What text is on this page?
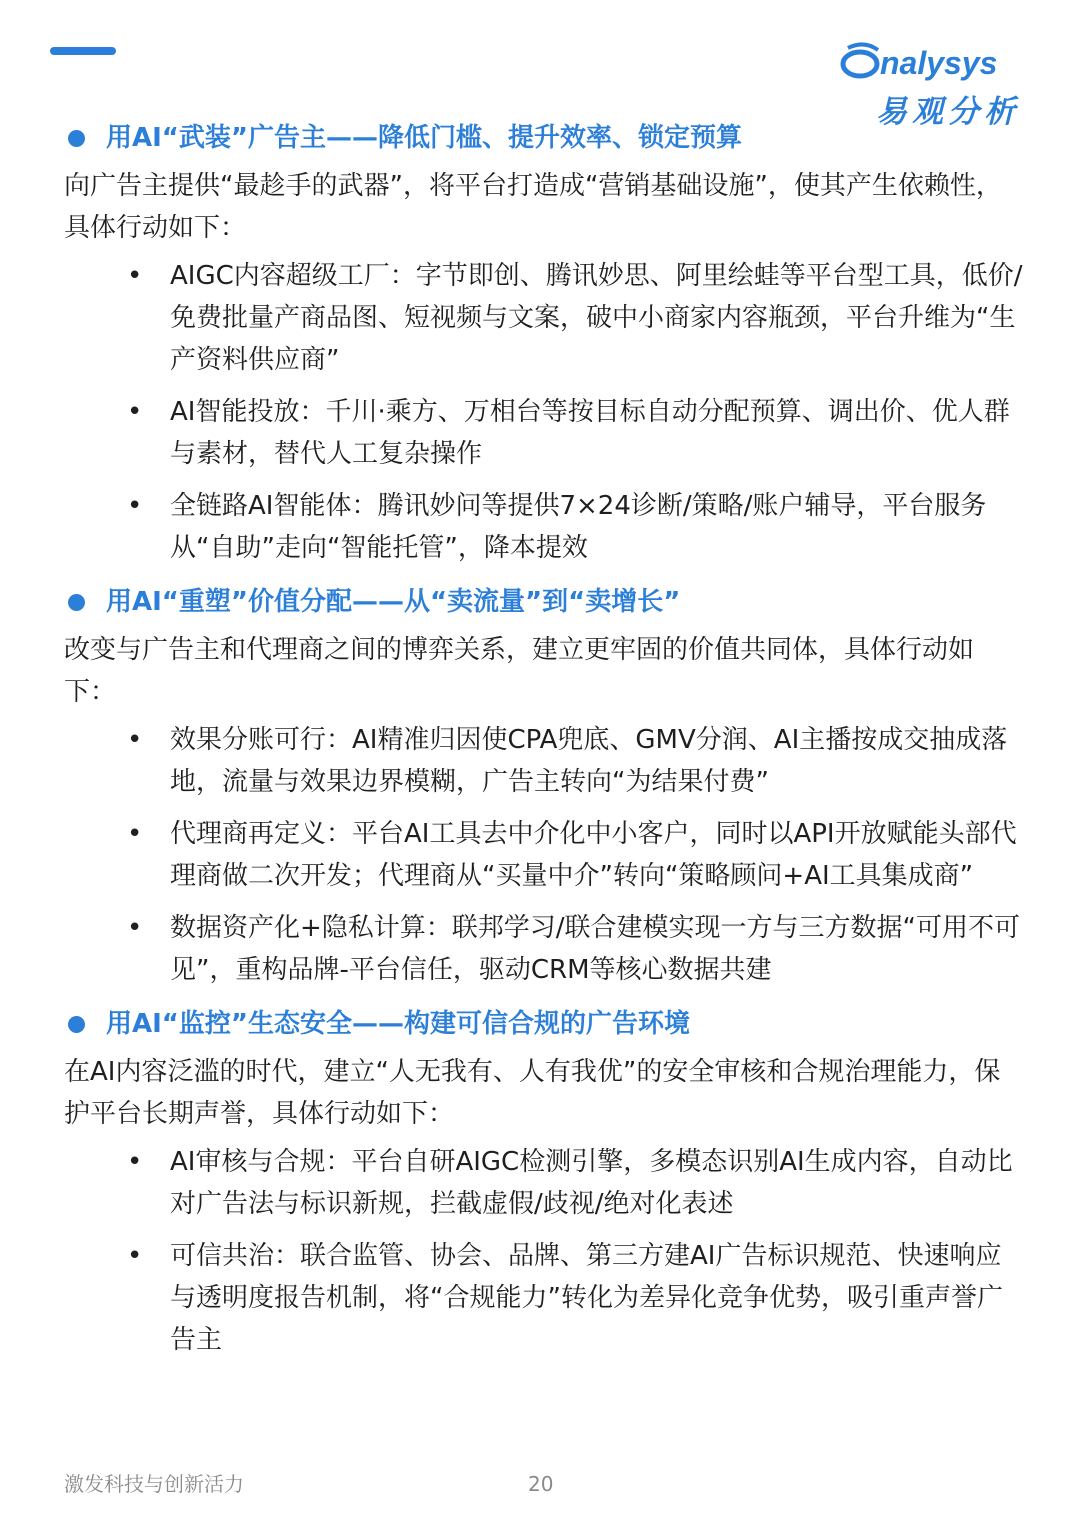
nalysys
易观分析
用AI“武装”广告主——降低门槛、提升效率、锁定预算
向广告主提供“最趁手的武器”，将平台打造成“营销基础设施”，使其产生依赖性，具体行动如下：
•	AIGC内容超级工厂：字节即创、腾讯妙思、阿里绘蛙等平台型工具，低价/免费批量产商品图、短视频与文案，破中小商家内容瓶颈，平台升维为“生产资料供应商”
•	AI智能投放：千川·乘方、万相台等按目标自动分配预算、调出价、优人群与素材，替代人工复杂操作
•	全链路AI智能体：腾讯妙问等提供7×24诊断/策略/账户辅导，平台服务从“自助”走向“智能托管”，降本提效
用AI“重塑”价值分配——从“卖流量”到“卖增长”
改变与广告主和代理商之间的博弈关系，建立更牢固的价值共同体，具体行动如下：
•	效果分账可行：AI精准归因使CPA兜底、GMV分润、AI主播按成交抽成落地，流量与效果边界模糊，广告主转向“为结果付费”
•	代理商再定义：平台AI工具去中介化中小客户，同时以API开放赋能头部代理商做二次开发；代理商从“买量中介”转向“策略顾问+AI工具集成商”
•	数据资产化+隐私计算：联邦学习/联合建模实现一方与三方数据“可用不可见”，重构品牌-平台信任，驱动CRM等核心数据共建
用AI“监控”生态安全——构建可信合规的广告环境
在AI内容泛滥的时代，建立“人无我有、人有我优”的安全审核和合规治理能力，保护平台长期声誉，具体行动如下：
•	AI审核与合规：平台自研AIGC检测引擎，多模态识别AI生成内容，自动比对广告法与标识新规，拦截虚假/歧视/绝对化表述
•	可信共治：联合监管、协会、品牌、第三方建AI广告标识规范、快速响应与透明度报告机制，将“合规能力”转化为差异化竞争优势，吸引重声誉广告主
激发科技与创新活力	20
